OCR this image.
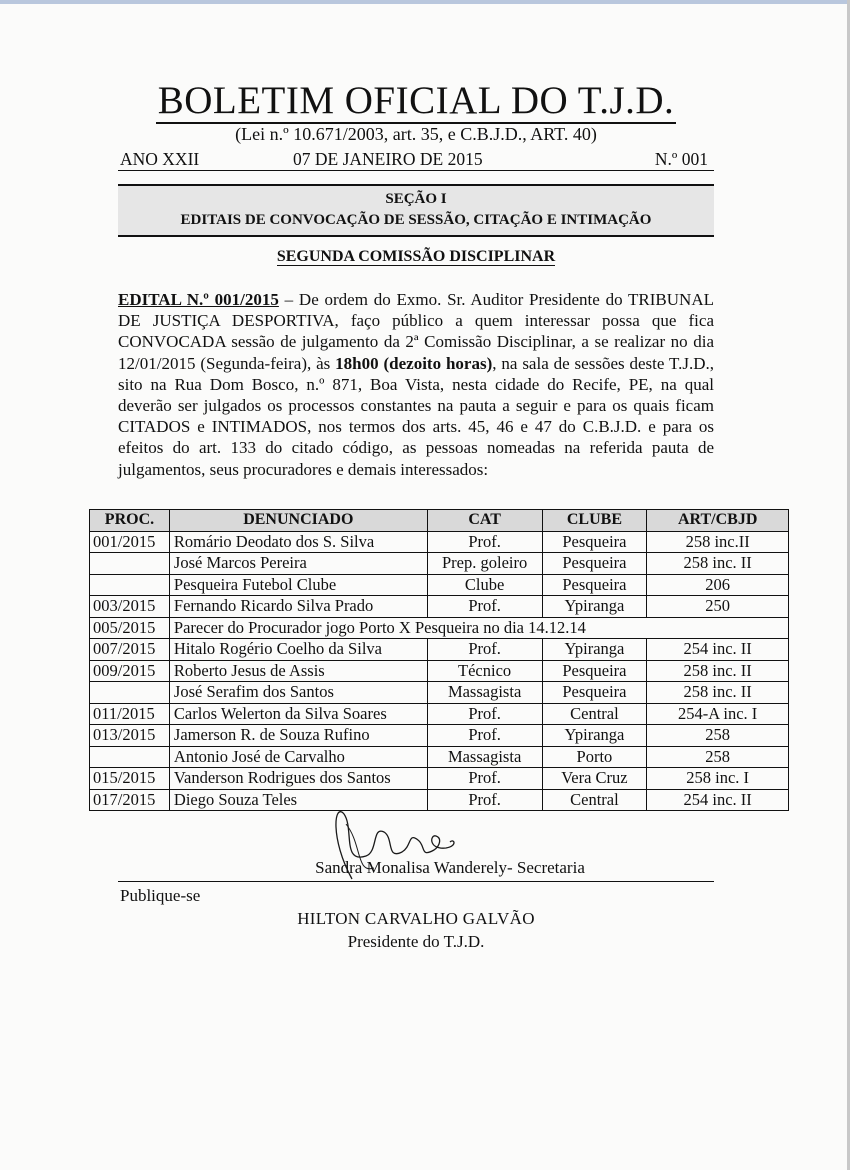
BOLETIM OFICIAL DO T.J.D.
(Lei n.º 10.671/2003, art. 35, e C.B.J.D., ART. 40)
ANO XXII	07 DE JANEIRO DE 2015	N.º 001
SEÇÃO I
EDITAIS DE CONVOCAÇÃO DE SESSÃO, CITAÇÃO E INTIMAÇÃO
SEGUNDA COMISSÃO DISCIPLINAR
EDITAL N.º 001/2015 – De ordem do Exmo. Sr. Auditor Presidente do TRIBUNAL DE JUSTIÇA DESPORTIVA, faço público a quem interessar possa que fica CONVOCADA sessão de julgamento da 2ª Comissão Disciplinar, a se realizar no dia 12/01/2015 (Segunda-feira), às 18h00 (dezoito horas), na sala de sessões deste T.J.D., sito na Rua Dom Bosco, n.º 871, Boa Vista, nesta cidade do Recife, PE, na qual deverão ser julgados os processos constantes na pauta a seguir e para os quais ficam CITADOS e INTIMADOS, nos termos dos arts. 45, 46 e 47 do C.B.J.D. e para os efeitos do art. 133 do citado código, as pessoas nomeadas na referida pauta de julgamentos, seus procuradores e demais interessados:
PROC.	DENUNCIADO	CAT	CLUBE	ART/CBJD
001/2015	Romário Deodato dos S. Silva	Prof.	Pesqueira	258 inc.II
	José Marcos Pereira	Prep. goleiro	Pesqueira	258 inc. II
	Pesqueira Futebol Clube	Clube	Pesqueira	206
003/2015	Fernando Ricardo Silva Prado	Prof.	Ypiranga	250
005/2015	Parecer do Procurador jogo Porto X Pesqueira no dia 14.12.14			
007/2015	Hitalo Rogério Coelho da Silva	Prof.	Ypiranga	254 inc. II
009/2015	Roberto Jesus de Assis	Técnico	Pesqueira	258 inc. II
	José Serafim dos Santos	Massagista	Pesqueira	258 inc. II
011/2015	Carlos Welerton da Silva Soares	Prof.	Central	254-A inc. I
013/2015	Jamerson R. de Souza Rufino	Prof.	Ypiranga	258
	Antonio José de Carvalho	Massagista	Porto	258
015/2015	Vanderson Rodrigues dos Santos	Prof.	Vera Cruz	258 inc. I
017/2015	Diego Souza Teles	Prof.	Central	254 inc. II
Sandra Monalisa Wanderely- Secretaria
Publique-se
HILTON CARVALHO GALVÃO
Presidente do T.J.D.
